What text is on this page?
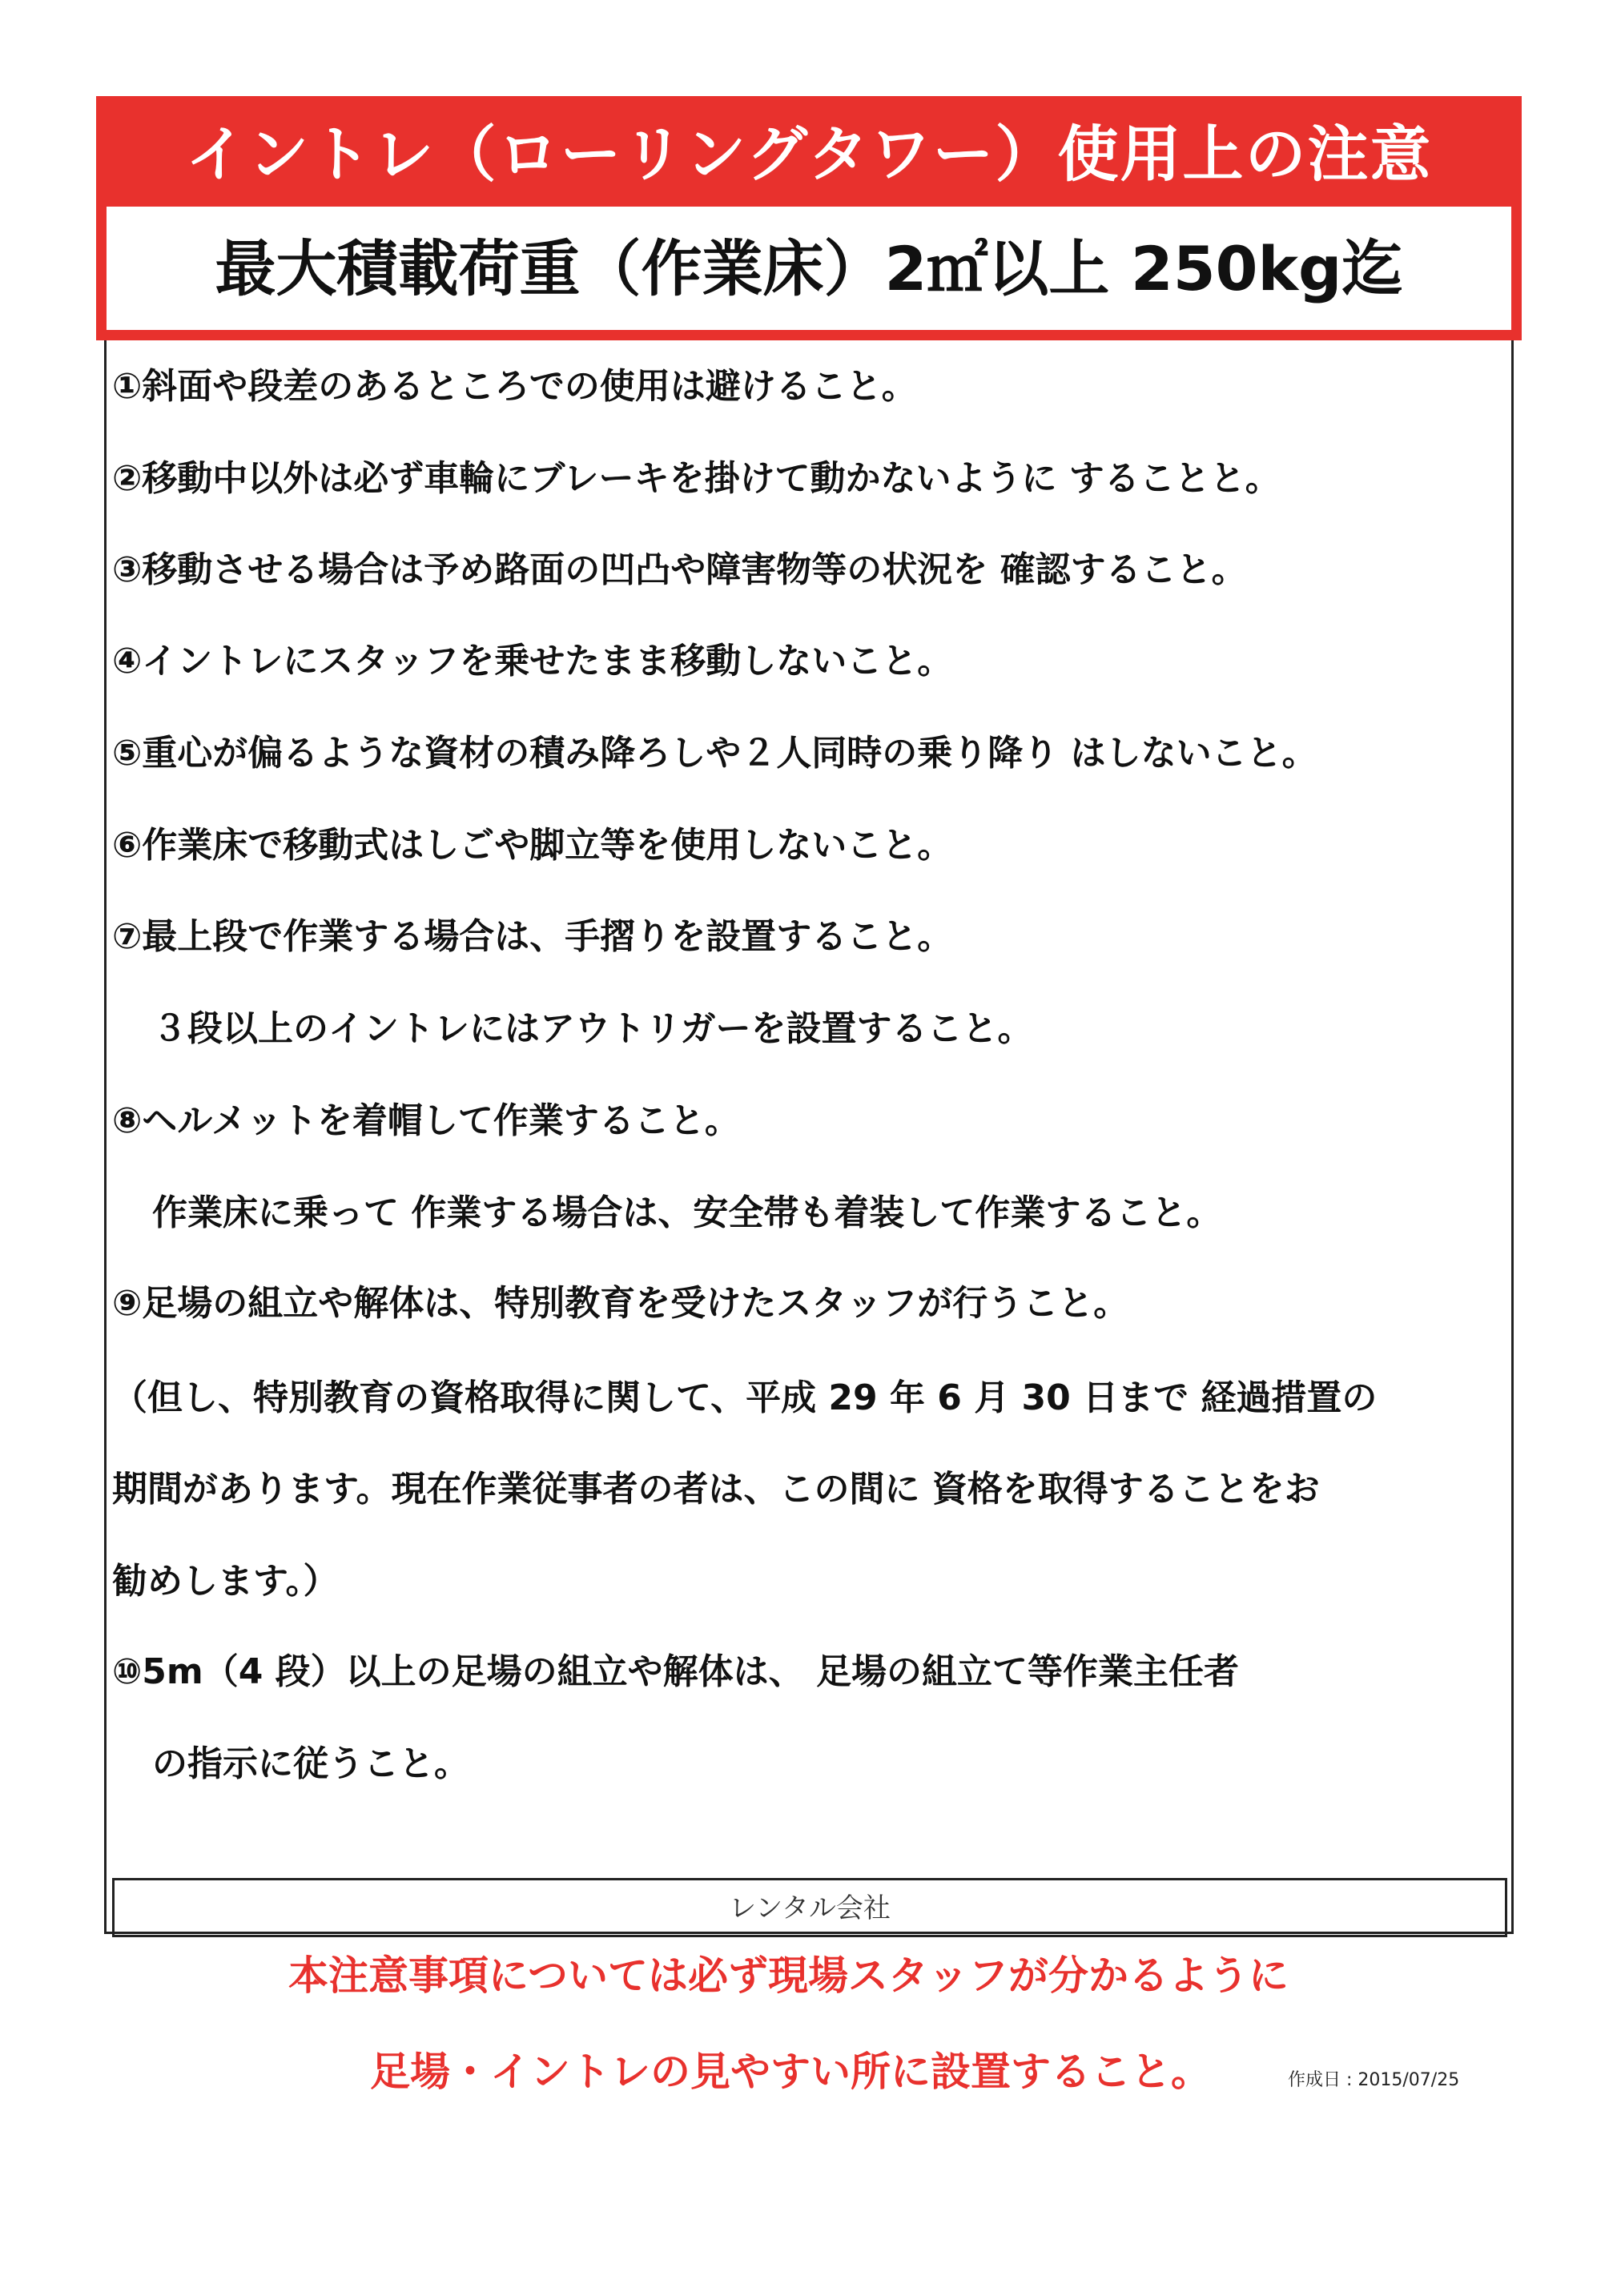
イントレ（ローリングタワー）使用上の注意
最大積載荷重（作業床）2㎡以上 250kg迄
①斜面や段差のあるところでの使用は避けること。
②移動中以外は必ず車輪にブレーキを掛けて動かないように することと。
③移動させる場合は予め路面の凹凸や障害物等の状況を 確認すること。
④イントレにスタッフを乗せたまま移動しないこと。
⑤重心が偏るような資材の積み降ろしや２人同時の乗り降り はしないこと。
⑥作業床で移動式はしごや脚立等を使用しないこと。
⑦最上段で作業する場合は、手摺りを設置すること。
３段以上のイントレにはアウトリガーを設置すること。
⑧ヘルメットを着帽して作業すること。
作業床に乗って 作業する場合は、安全帯も着装して作業すること。
⑨足場の組立や解体は、特別教育を受けたスタッフが行うこと。
（但し、特別教育の資格取得に関して、平成 29 年 6 月 30 日まで 経過措置の
期間があります。現在作業従事者の者は、この間に 資格を取得することをお
勧めします。）
⑩5m（4 段）以上の足場の組立や解体は、 足場の組立て等作業主任者
の指示に従うこと。
レンタル会社
本注意事項については必ず現場スタッフが分かるように
足場・イントレの見やすい所に設置すること。	作成日 : 2015/07/25
